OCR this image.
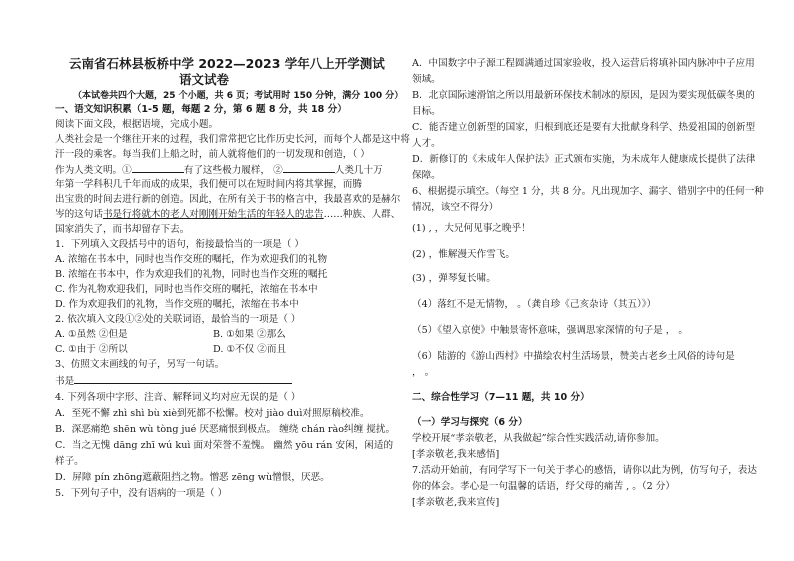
云南省石林县板桥中学 2022—2023 学年八上开学测试
语文试卷
（本试卷共四个大题，25 个小题，共 6 页；考试用时 150 分钟，满分 100 分）
一、语文知识积累（1-5 题，每题 2 分，第 6 题 8 分，共 18 分）
阅读下面文段，根据语境，完成小题。
人类社会是一个继往开来的过程，我们常常把它比作历史长河，而每个人都是这中将
汗一段的乘客。每当我们上船之时，前人就将他们的一切发现和创造，（ ）
作为人类文明。①	有了这些极力履样， ②	人类几十万
年第一学科积几千年而成的成果，我们便可以在短时间内将其掌握，而腾
出宝贵的时间去进行新的创造。因此，在所有关于书的格言中，我最喜欢的是赫尔
岑的这句话书是行将就木的老人对刚刚开始生活的年轻人的忠告……种族、人群、
国家消失了，而书却留存下去。
1．下列填入文段括号中的语句，衔接最恰当的一项是（ ）
A. 浓缩在书本中，同时也当作交班的嘱托，作为欢迎我们的礼物
B. 浓缩在书本中，作为欢迎我们的礼物，同时也当作交班的嘱托
C. 作为礼物欢迎我们，同时也当作交班的嘱托，浓缩在书本中
D. 作为欢迎我们的礼物，当作交班的嘱托，浓缩在书本中
2. 依次填入文段①②处的关联词语，最恰当的一项是（ ）
A. ①虽然 ②但是	B. ①如果 ②那么
C. ①由于 ②所以	D. ①不仅 ②而且
3、仿照文末画线的句子，另写一句话。
书是
4. 下列各项中字形、注音、解释词义均对应无误的是（ ）
A．至死不懈 zhì shì bù xiè到死都不松懈。校对 jiào duì对照原稿校准。
B．深恶痛绝 shēn wù tòng jué 厌恶痛恨到极点。 缠绕 chán rào纠缠 搅扰。
C．当之无愧 dāng zhī wú kuì 面对荣誉不羞愧。 幽然 yōu rán 安闲，闲适的
样子。
D．屏障 pín zhōng遮蔽阻挡之物。憎恶 zēng wù憎恨，厌恶。
5．下列句子中，没有语病的一项是（ ）
A．中国数字中子源工程圆满通过国家验收，投入运营后将填补国内脉冲中子应用
领域。
B．北京国际速滑馆之所以用最新环保技术制冰的原因，是因为要实现低碳冬奥的
目标。
C．能否建立创新型的国家，归根到底还是要有大批献身科学、热爱祖国的创新型
人才。
D．新修订的《未成年人保护法》正式颁布实施，为未成年人健康成长提供了法律
保障。
6、根据提示填空。（每空 1 分，共 8 分。凡出现加字、漏字、错别字中的任何一种
情况，该空不得分）
(1) , ，大兄何见事之晚乎！
(2) ，惟解漫天作雪飞。
(3) ，弹琴复长啸。
（4）落红不是无情物， 。（龚自珍《己亥杂诗（其五）》）
（5）《望入京使》中触景寄怀意味，强调思家深情的句子是 ， 。
（6）陆游的《游山西村》中描绘农村生活场景，赞美古老乡土风俗的诗句是
， 。
二、综合性学习（7—11 题，共 10 分）
（一）学习与探究（6 分）
学校开展“孝亲敬老，从我做起”综合性实践活动,请你参加。
[孝亲敬老,我来感悟]
7.活动开始前，有同学写下一句关于孝心的感悟，请你以此为例，仿写句子，表达
你的体会。孝心是一句温馨的话语，纾父母的痛苦 , 。（2 分）
[孝亲敬老,我来宣传]
